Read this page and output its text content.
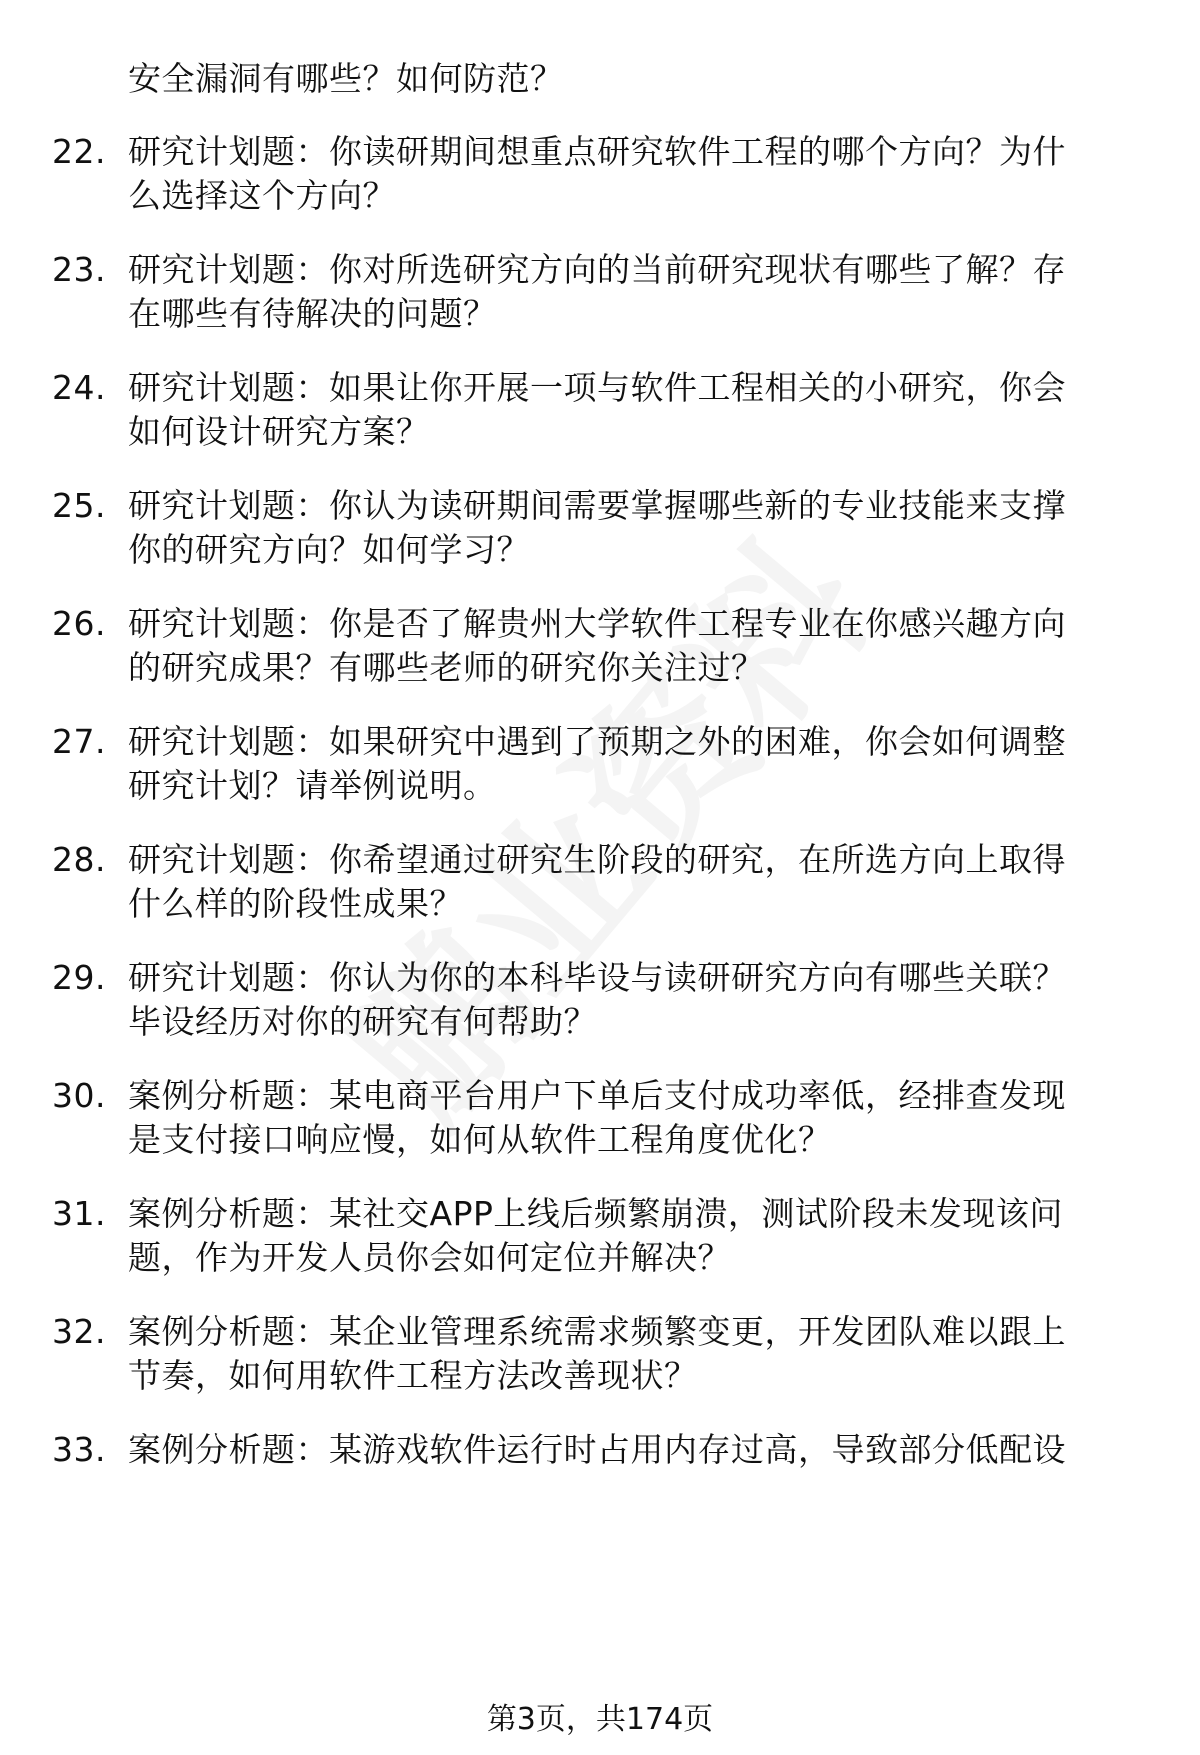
安全漏洞有哪些？如何防范？
22. 研究计划题：你读研期间想重点研究软件工程的哪个方向？为什
么选择这个方向？
23. 研究计划题：你对所选研究方向的当前研究现状有哪些了解？存
在哪些有待解决的问题？
24. 研究计划题：如果让你开展一项与软件工程相关的小研究，你会
如何设计研究方案？
25. 研究计划题：你认为读研期间需要掌握哪些新的专业技能来支撑
你的研究方向？如何学习？
26. 研究计划题：你是否了解贵州大学软件工程专业在你感兴趣方向
的研究成果？有哪些老师的研究你关注过？
27. 研究计划题：如果研究中遇到了预期之外的困难，你会如何调整
研究计划？请举例说明。
28. 研究计划题：你希望通过研究生阶段的研究，在所选方向上取得
什么样的阶段性成果？
29. 研究计划题：你认为你的本科毕设与读研研究方向有哪些关联？
毕设经历对你的研究有何帮助？
30. 案例分析题：某电商平台用户下单后支付成功率低，经排查发现
是支付接口响应慢，如何从软件工程角度优化？
31. 案例分析题：某社交APP上线后频繁崩溃，测试阶段未发现该问
题，作为开发人员你会如何定位并解决？
32. 案例分析题：某企业管理系统需求频繁变更，开发团队难以跟上
节奏，如何用软件工程方法改善现状？
33. 案例分析题：某游戏软件运行时占用内存过高，导致部分低配设
第3页，共174页
